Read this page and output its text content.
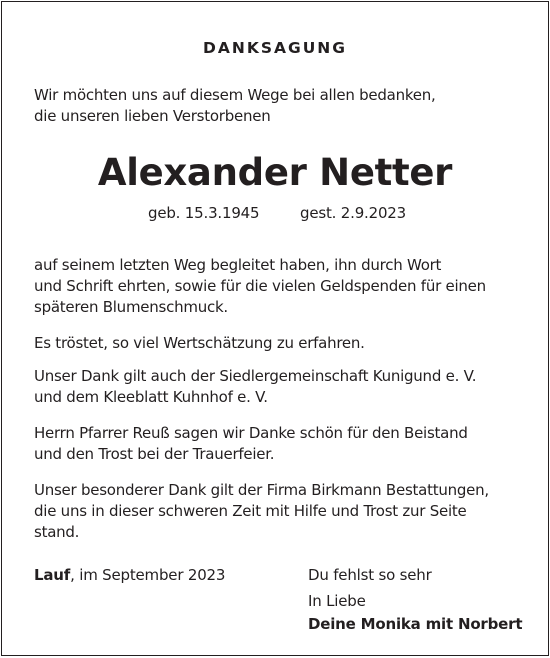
DANKSAGUNG
Wir möchten uns auf diesem Wege bei allen bedanken,
die unseren lieben Verstorbenen
Alexander Netter
geb. 15.3.1945	gest. 2.9.2023
auf seinem letzten Weg begleitet haben, ihn durch Wort
und Schrift ehrten, sowie für die vielen Geldspenden für einen
späteren Blumenschmuck.
Es tröstet, so viel Wertschätzung zu erfahren.
Unser Dank gilt auch der Siedlergemeinschaft Kunigund e. V.
und dem Kleeblatt Kuhnhof e. V.
Herrn Pfarrer Reuß sagen wir Danke schön für den Beistand
und den Trost bei der Trauerfeier.
Unser besonderer Dank gilt der Firma Birkmann Bestattungen,
die uns in dieser schweren Zeit mit Hilfe und Trost zur Seite
stand.
Lauf, im September 2023	Du fehlst so sehr
In Liebe
Deine Monika mit Norbert
